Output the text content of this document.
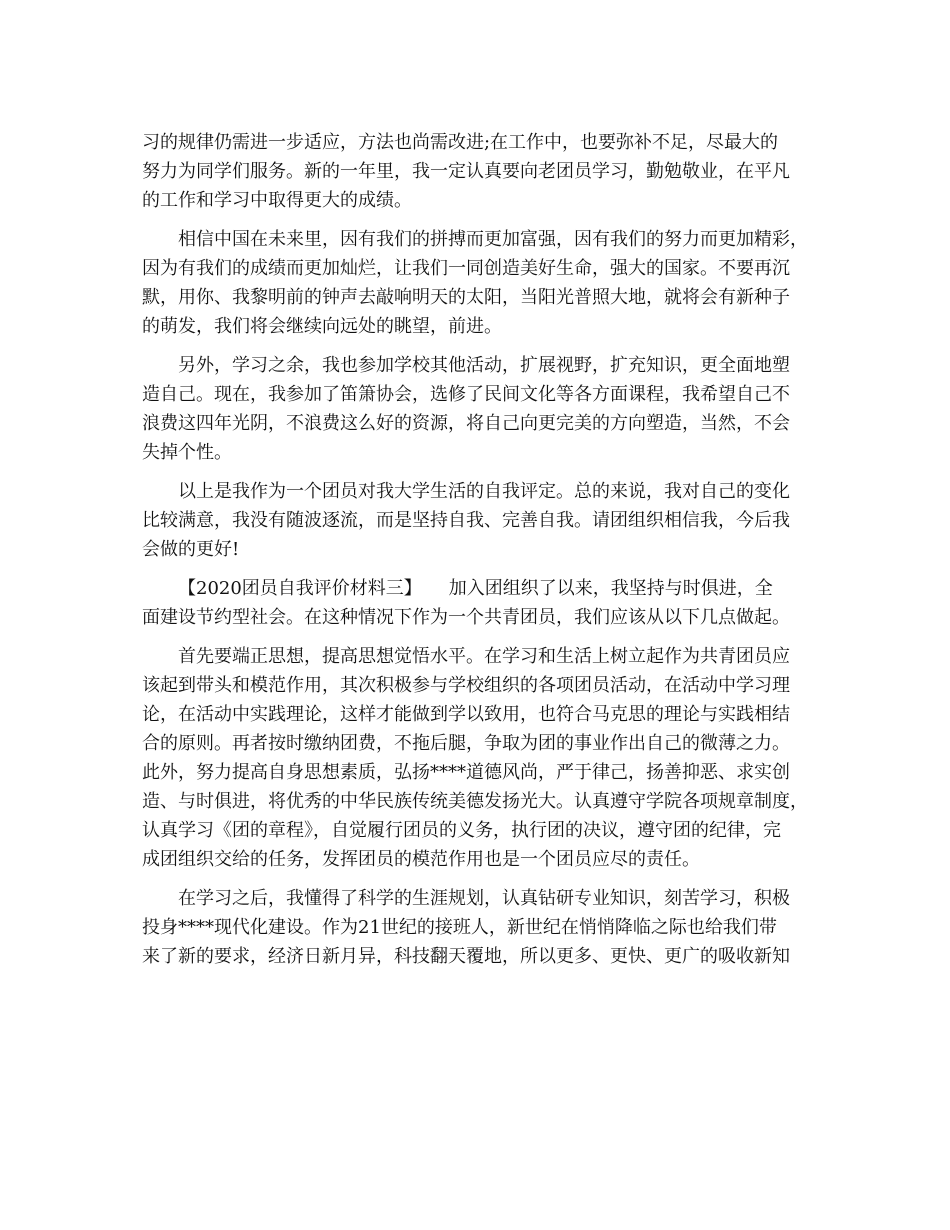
习的规律仍需进一步适应，方法也尚需改进;在工作中，也要弥补不足，尽最大的
努力为同学们服务。新的一年里，我一定认真要向老团员学习，勤勉敬业，在平凡
的工作和学习中取得更大的成绩。
相信中国在未来里，因有我们的拼搏而更加富强，因有我们的努力而更加精彩，
因为有我们的成绩而更加灿烂，让我们一同创造美好生命，强大的国家。不要再沉
默，用你、我黎明前的钟声去敲响明天的太阳，当阳光普照大地，就将会有新种子
的萌发，我们将会继续向远处的眺望，前进。
另外，学习之余，我也参加学校其他活动，扩展视野，扩充知识，更全面地塑
造自己。现在，我参加了笛箫协会，选修了民间文化等各方面课程，我希望自己不
浪费这四年光阴，不浪费这么好的资源，将自己向更完美的方向塑造，当然，不会
失掉个性。
以上是我作为一个团员对我大学生活的自我评定。总的来说，我对自己的变化
比较满意，我没有随波逐流，而是坚持自我、完善自我。请团组织相信我，今后我
会做的更好!
【2020团员自我评价材料三】　　加入团组织了以来，我坚持与时俱进，全
面建设节约型社会。在这种情况下作为一个共青团员，我们应该从以下几点做起。
首先要端正思想，提高思想觉悟水平。在学习和生活上树立起作为共青团员应
该起到带头和模范作用，其次积极参与学校组织的各项团员活动，在活动中学习理
论，在活动中实践理论，这样才能做到学以致用，也符合马克思的理论与实践相结
合的原则。再者按时缴纳团费，不拖后腿，争取为团的事业作出自己的微薄之力。
此外，努力提高自身思想素质，弘扬****道德风尚，严于律己，扬善抑恶、求实创
造、与时俱进，将优秀的中华民族传统美德发扬光大。认真遵守学院各项规章制度，
认真学习《团的章程》，自觉履行团员的义务，执行团的决议，遵守团的纪律，完
成团组织交给的任务，发挥团员的模范作用也是一个团员应尽的责任。
在学习之后，我懂得了科学的生涯规划，认真钻研专业知识，刻苦学习，积极
投身****现代化建设。作为21世纪的接班人，新世纪在悄悄降临之际也给我们带
来了新的要求，经济日新月异，科技翻天覆地，所以更多、更快、更广的吸收新知
